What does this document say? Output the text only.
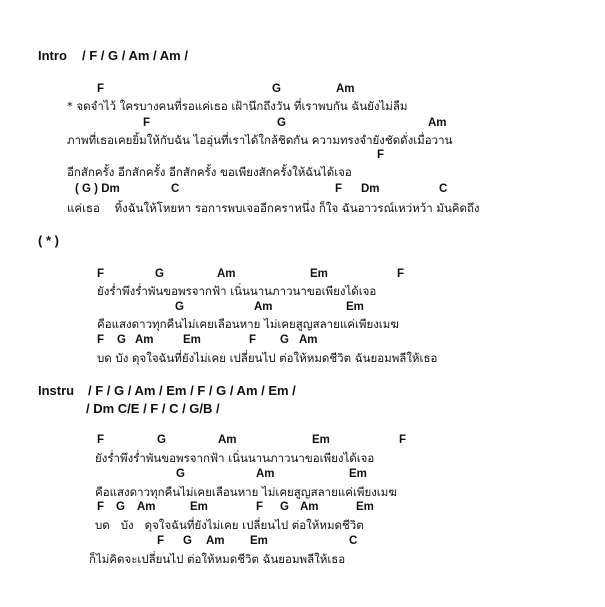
Intro / F / G / Am / Am /
F	G	Am
* จดจำไว้ ใครบางคนที่รอแค่เธอ เฝ้านึกถึงวัน ที่เราพบกัน ฉันยังไม่ลืม
F	G	Am
ภาพที่เธอเคยยิ้มให้กับฉัน ไออุ่นที่เราได้ใกล้ชิดกัน ความทรงจำยังชัดดั่งเมื่อวาน
F
อีกสักครั้ง อีกสักครั้ง อีกสักครั้ง ขอเพียงสักครั้งให้ฉันได้เจอ
( G ) Dm	C	F Dm	C
แค่เธอ    ทิ้งฉันให้โหยหา รอการพบเจออีกคราหนึ่ง ก็ใจ ฉันอาวรณ์เหว่หว้า มันคิดถึง
( * )
F	G	Am	Em	F
ยังร่ำพึงร่ำพันขอพรจากฟ้า เนิ่นนานภาวนาขอเพียงได้เจอ
G	Am	Em
คือแสงดาวทุกคืนไม่เคยเลือนหาย ไม่เคยสูญสลายแค่เพียงเมฆ
F G Am	Em	F G Am
บด บัง ดุจใจฉันที่ยังไม่เคย เปลี่ยนไป ต่อให้หมดชีวิต ฉันยอมพลีให้เธอ
Instru / F / G / Am / Em / F / G / Am / Em /
/ Dm C/E / F / C / G/B /
F	G	Am	Em	F
ยังร่ำพึงร่ำพันขอพรจากฟ้า เนิ่นนานภาวนาขอเพียงได้เจอ
G	Am	Em
คือแสงดาวทุกคืนไม่เคยเลือนหาย ไม่เคยสูญสลายแค่เพียงเมฆ
F G Am	Em	F G Am	Em
บด   บัง   ดุจใจฉันที่ยังไม่เคย เปลี่ยนไป ต่อให้หมดชีวิต
F G Am Em	C
ก็ไม่คิดจะเปลี่ยนไป ต่อให้หมดชีวิต ฉันยอมพลีให้เธอ
